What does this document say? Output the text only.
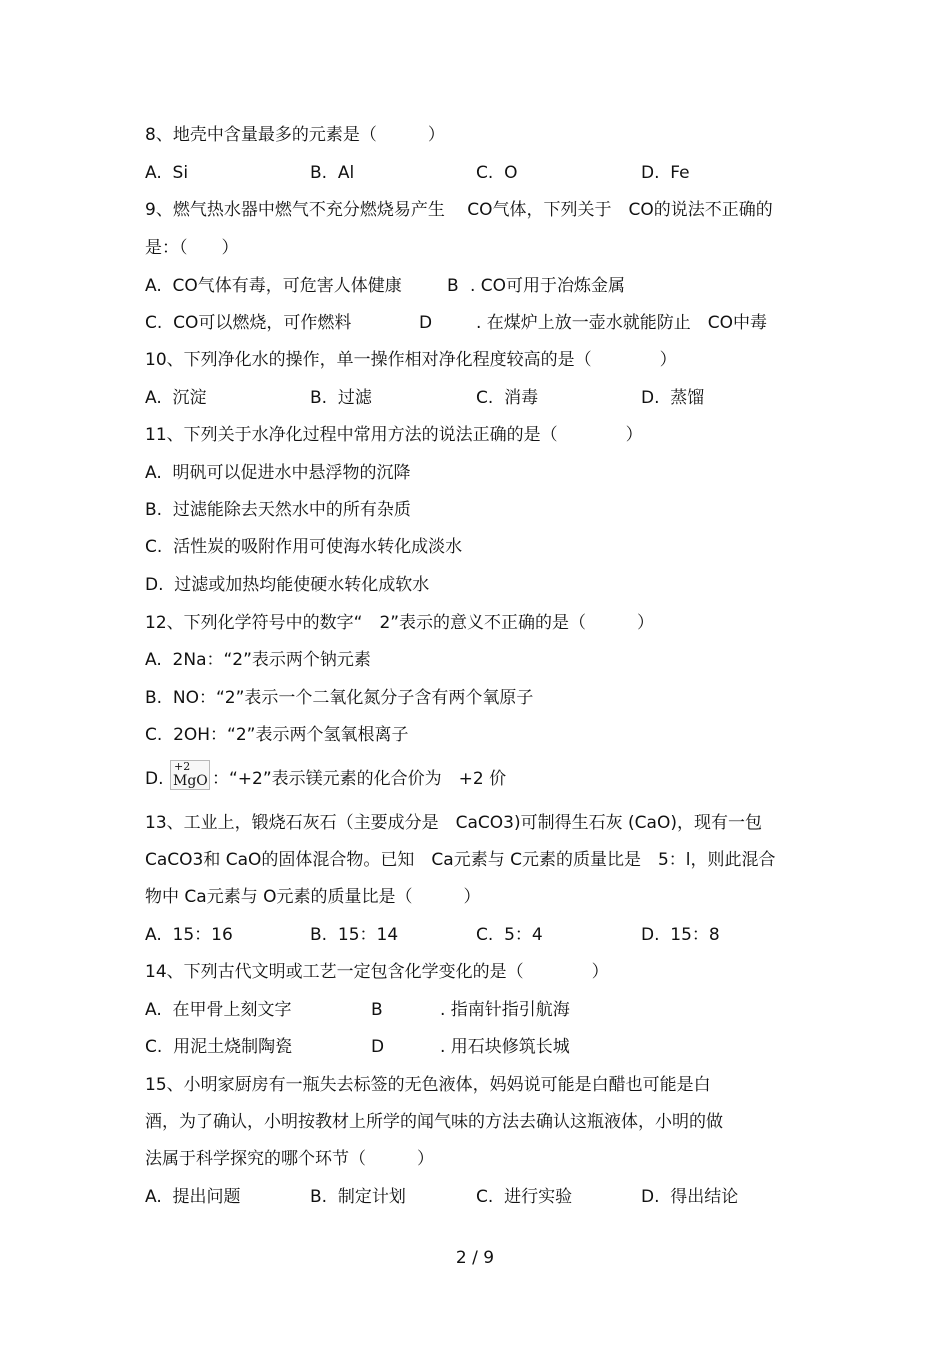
8、地壳中含量最多的元素是（　　　）
A.  Si	B.  Al	C.  O	D.  Fe
9、燃气热水器中燃气不充分燃烧易产生　 CO气体，下列关于　CO的说法不正确的
是：（　　）
A.  CO气体有毒，可危害人体健康	B . CO可用于冶炼金属
C.  CO可以燃烧，可作燃料	D	. 在煤炉上放一壶水就能防止　CO中毒
10、下列净化水的操作，单一操作相对净化程度较高的是（　　　　）
A.  沉淀	B.  过滤	C.  消毒	D.  蒸馏
11、下列关于水净化过程中常用方法的说法正确的是（　　　　）
A.  明矾可以促进水中悬浮物的沉降
B.  过滤能除去天然水中的所有杂质
C.  活性炭的吸附作用可使海水转化成淡水
D.  过滤或加热均能使硬水转化成软水
12、下列化学符号中的数字“　2”表示的意义不正确的是（　　　）
A.  2Na：“2”表示两个钠元素
B.  NO：“2”表示一个二氧化氮分子含有两个氧原子
C.  2OH：“2”表示两个氢氧根离子
D.
+2
MgO ：“+2”表示镁元素的化合价为　+2 价
13、工业上，锻烧石灰石（主要成分是　CaCO3)可制得生石灰 (CaO)，现有一包
CaCO3和 CaO的固体混合物。已知　Ca元素与 C元素的质量比是　5：l，则此混合
物中 Ca元素与 O元素的质量比是（　　　）
A.  15：16	B.  15：14	C.  5：4	D.  15：8
14、下列古代文明或工艺一定包含化学变化的是（　　　　）
A.  在甲骨上刻文字	B	. 指南针指引航海
C.  用泥土烧制陶瓷	D	. 用石块修筑长城
15、小明家厨房有一瓶失去标签的无色液体，妈妈说可能是白醋也可能是白
酒，为了确认，小明按教材上所学的闻气味的方法去确认这瓶液体，小明的做
法属于科学探究的哪个环节（　　　）
A.  提出问题	B.  制定计划	C.  进行实验	D.  得出结论
2 / 9
